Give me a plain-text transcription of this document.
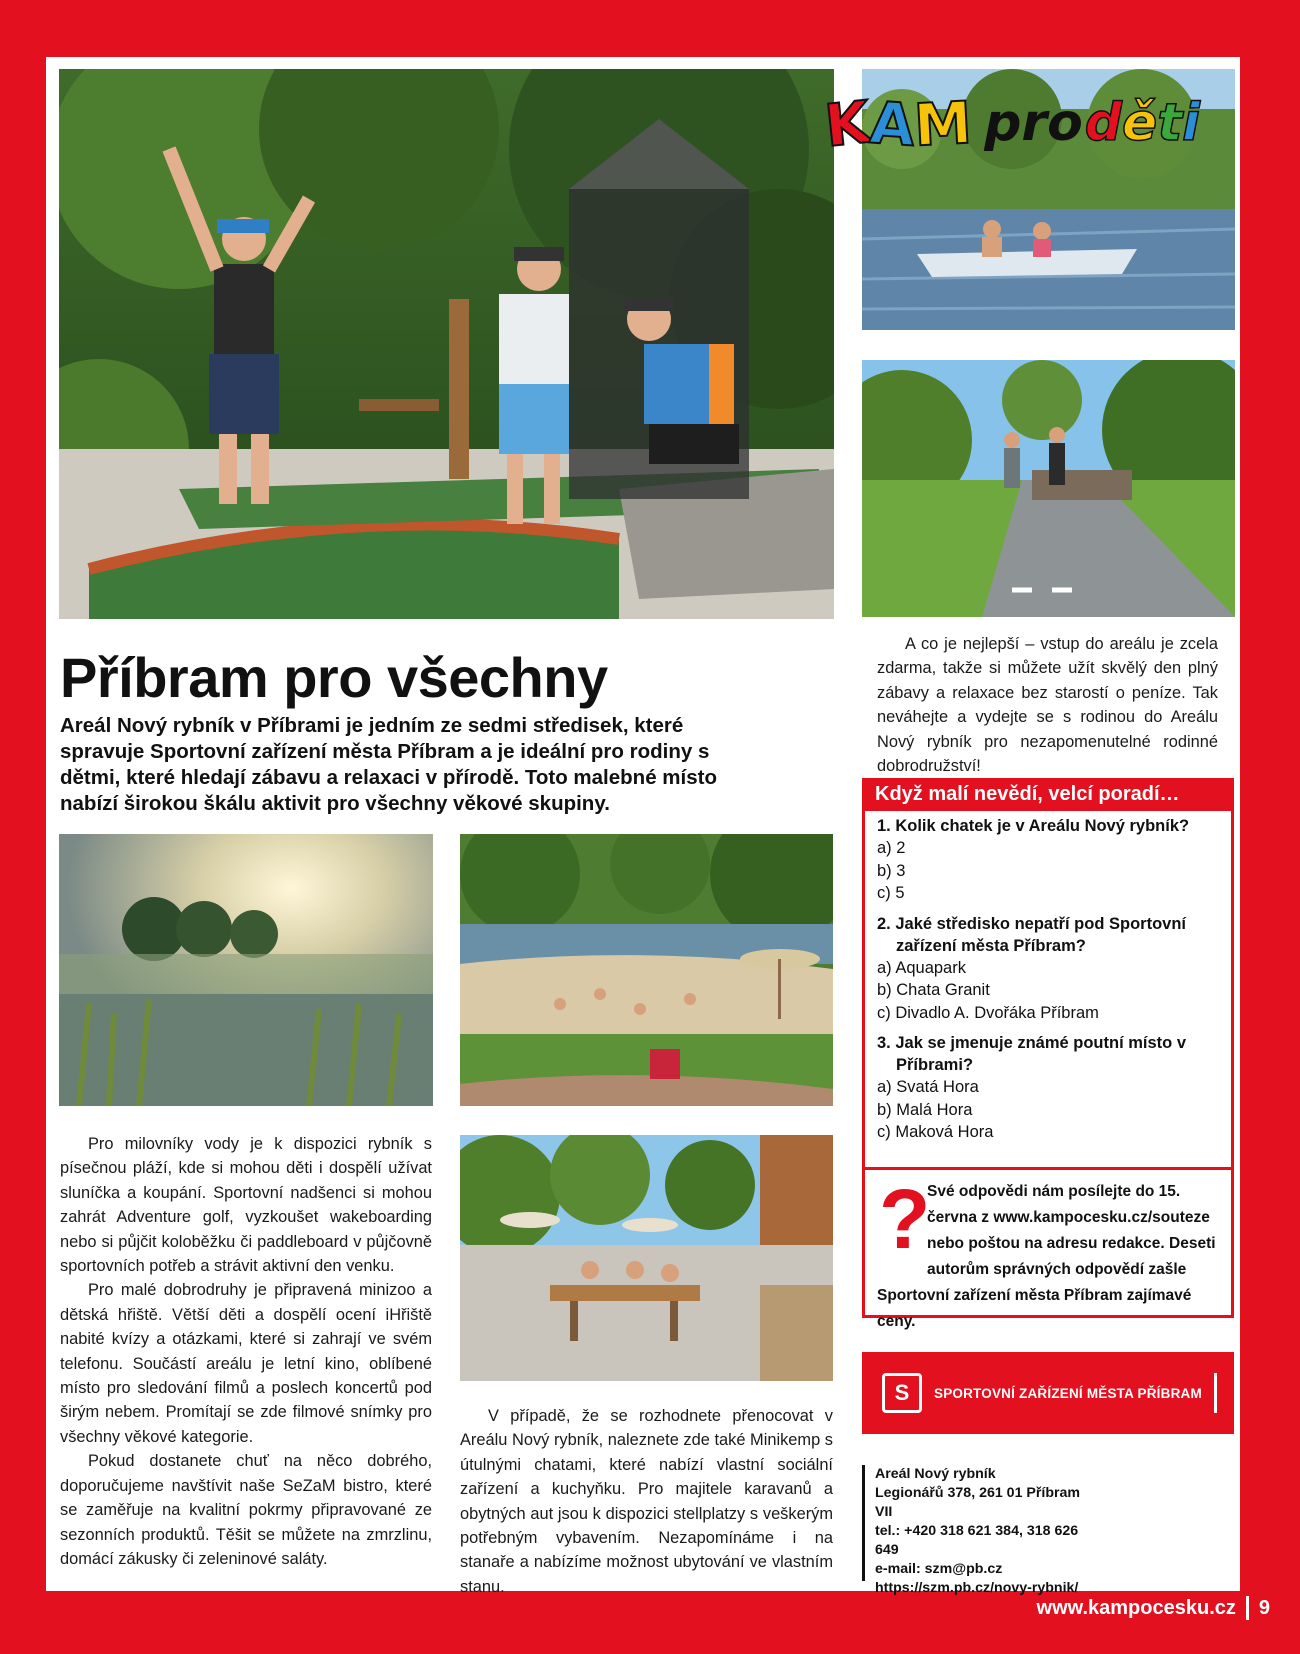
KAM pro děti
Příbram pro všechny

Areál Nový rybník v Příbrami je jedním ze sedmi středisek, které spravuje Sportovní zařízení města Příbram a je ideální pro rodiny s dětmi, které hledají zábavu a relaxaci v přírodě. Toto malebné místo nabízí širokou škálu aktivit pro všechny věkové skupiny.

Pro milovníky vody je k dispozici rybník s písečnou pláží, kde si mohou děti i dospělí užívat sluníčka a koupání. Sportovní nadšenci si mohou zahrát Adventure golf, vyzkoušet wakeboarding nebo si půjčit koloběžku či paddleboard v půjčovně sportovních potřeb a strávit aktivní den venku.

Pro malé dobrodruhy je připravená minizoo a dětská hřiště. Větší děti a dospělí ocení iHřiště nabité kvízy a otázkami, které si zahrají ve svém telefonu. Součástí areálu je letní kino, oblíbené místo pro sledování filmů a poslech koncertů pod širým nebem. Promítají se zde filmové snímky pro všechny věkové kategorie.

Pokud dostanete chuť na něco dobrého, doporučujeme navštívit naše SeZaM bistro, které se zaměřuje na kvalitní pokrmy připravované ze sezonních produktů. Těšit se můžete na zmrzlinu, domácí zákusky či zeleninové saláty.

V případě, že se rozhodnete přenocovat v Areálu Nový rybník, naleznete zde také Minikemp s útulnými chatami, které nabízí vlastní sociální zařízení a kuchyňku. Pro majitele karavanů a obytných aut jsou k dispozici stellplatzy s veškerým potřebným vybavením. Nezapomínáme i na stanaře a nabízíme možnost ubytování ve vlastním stanu.

A co je nejlepší – vstup do areálu je zcela zdarma, takže si můžete užít skvělý den plný zábavy a relaxace bez starostí o peníze. Tak neváhejte a vydejte se s rodinou do Areálu Nový rybník pro nezapomenutelné rodinné dobrodružství!

Když malí nevědí, velcí poradí…
1. Kolik chatek je v Areálu Nový rybník?
a) 2
b) 3
c) 5
2. Jaké středisko nepatří pod Sportovní zařízení města Příbram?
a) Aquapark
b) Chata Granit
c) Divadlo A. Dvořáka Příbram
3. Jak se jmenuje známé poutní místo v Příbrami?
a) Svatá Hora
b) Malá Hora
c) Maková Hora
?
Své odpovědi nám posílejte do 15. června z www.kampocesku.cz/souteze nebo poštou na adresu redakce. Deseti autorům správných odpovědí zašle Sportovní zařízení města Příbram zajímavé ceny.
S	SPORTOVNÍ ZAŘÍZENÍ MĚSTA PŘÍBRAM
Areál Nový rybník
Legionářů 378, 261 01 Příbram VII
tel.: +420 318 621 384, 318 626 649
e-mail: szm@pb.cz
https://szm.pb.cz/novy-rybnik/
www.kampocesku.cz 9
